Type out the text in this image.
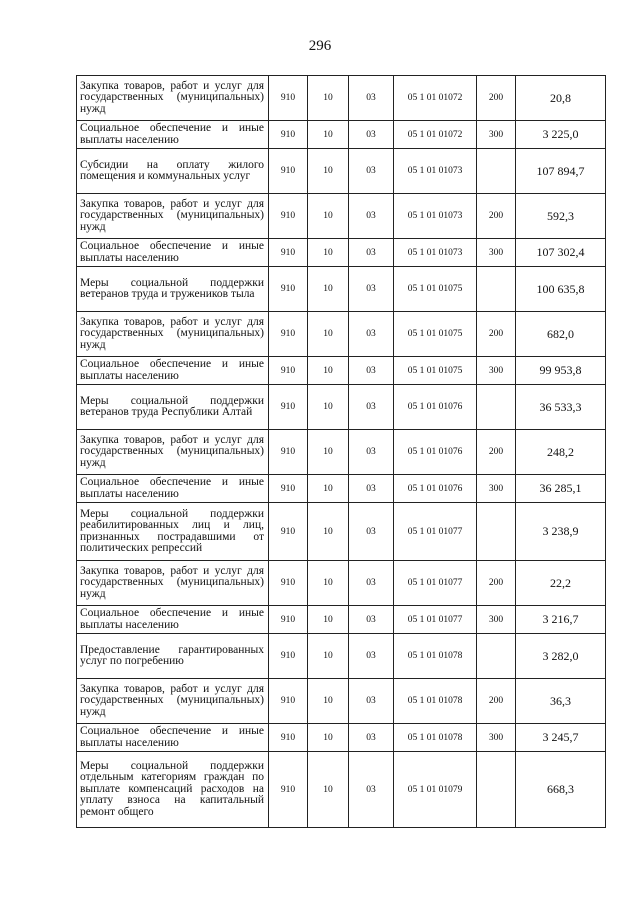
296
Закупка товаров, работ и услуг для государственных (муниципальных) нужд	910	10	03	05 1 01 01072	200	20,8
Социальное обеспечение и иные выплаты населению	910	10	03	05 1 01 01072	300	3 225,0
Субсидии на оплату жилого помещения и коммунальных услуг	910	10	03	05 1 01 01073		107 894,7
Закупка товаров, работ и услуг для государственных (муниципальных) нужд	910	10	03	05 1 01 01073	200	592,3
Социальное обеспечение и иные выплаты населению	910	10	03	05 1 01 01073	300	107 302,4
Меры социальной поддержки ветеранов труда и тружеников тыла	910	10	03	05 1 01 01075		100 635,8
Закупка товаров, работ и услуг для государственных (муниципальных) нужд	910	10	03	05 1 01 01075	200	682,0
Социальное обеспечение и иные выплаты населению	910	10	03	05 1 01 01075	300	99 953,8
Меры социальной поддержки ветеранов труда Республики Алтай	910	10	03	05 1 01 01076		36 533,3
Закупка товаров, работ и услуг для государственных (муниципальных) нужд	910	10	03	05 1 01 01076	200	248,2
Социальное обеспечение и иные выплаты населению	910	10	03	05 1 01 01076	300	36 285,1
Меры социальной поддержки реабилитированных лиц и лиц, признанных пострадавшими от политических репрессий	910	10	03	05 1 01 01077		3 238,9
Закупка товаров, работ и услуг для государственных (муниципальных) нужд	910	10	03	05 1 01 01077	200	22,2
Социальное обеспечение и иные выплаты населению	910	10	03	05 1 01 01077	300	3 216,7
Предоставление гарантированных услуг по погребению	910	10	03	05 1 01 01078		3 282,0
Закупка товаров, работ и услуг для государственных (муниципальных) нужд	910	10	03	05 1 01 01078	200	36,3
Социальное обеспечение и иные выплаты населению	910	10	03	05 1 01 01078	300	3 245,7
Меры социальной поддержки отдельным категориям граждан по выплате компенсаций расходов на уплату взноса на капитальный ремонт общего	910	10	03	05 1 01 01079		668,3
